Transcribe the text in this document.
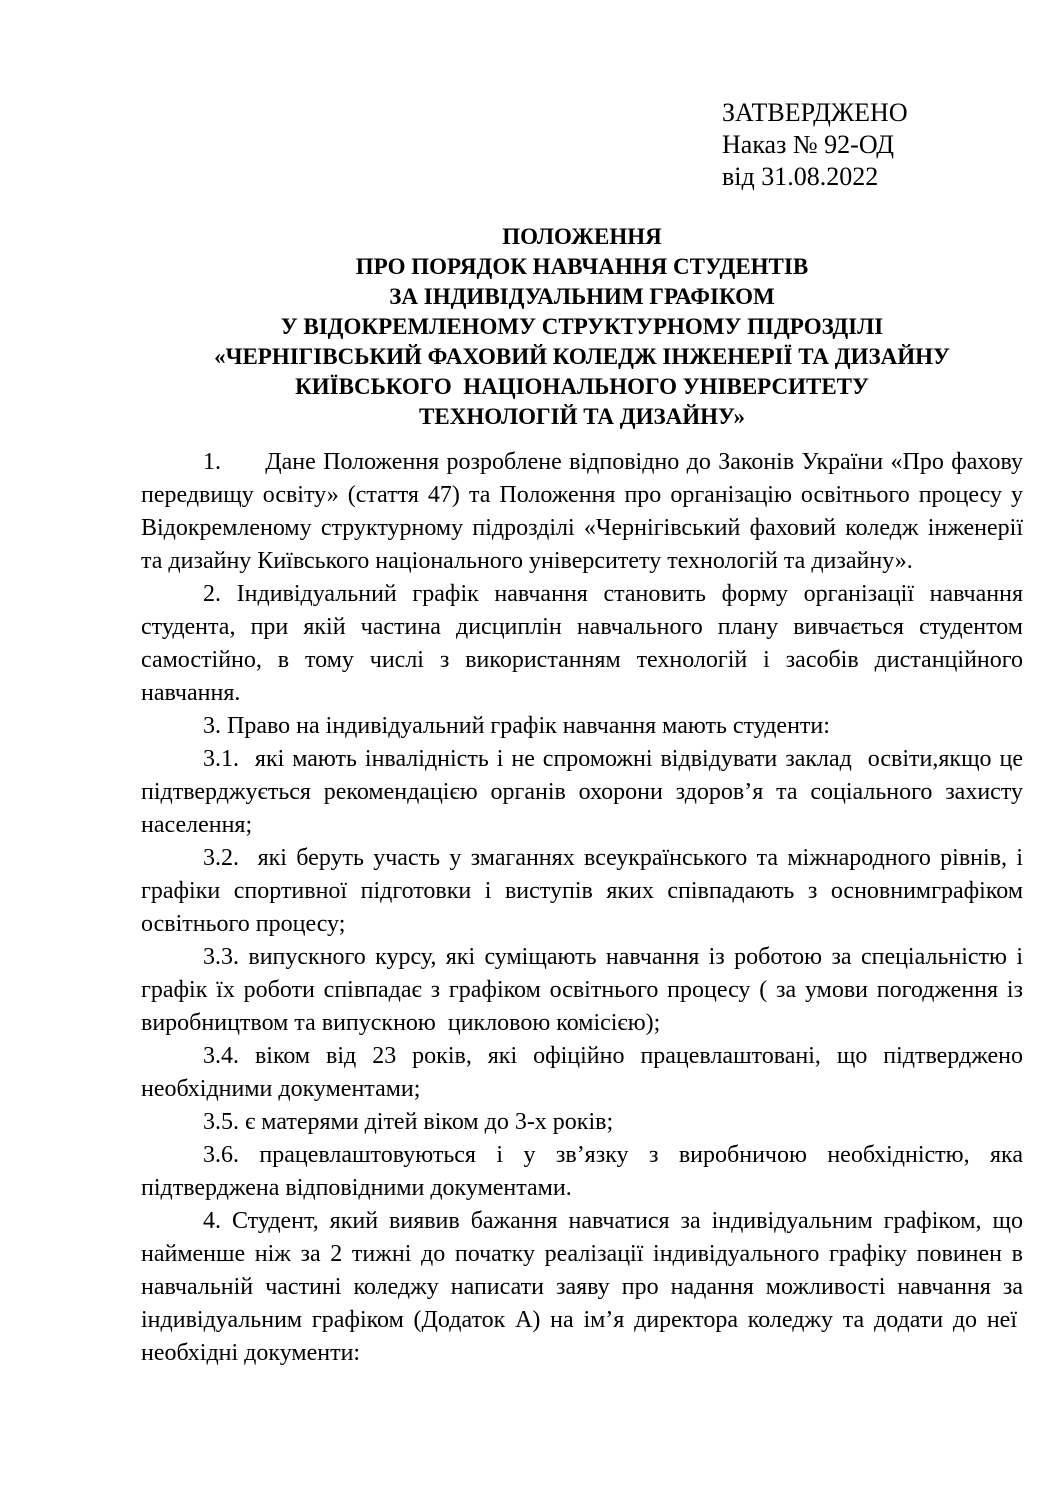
ЗАТВЕРДЖЕНО
Наказ № 92-ОД
від 31.08.2022
ПОЛОЖЕННЯ
ПРО ПОРЯДОК НАВЧАННЯ СТУДЕНТІВ
ЗА ІНДИВІДУАЛЬНИМ ГРАФІКОМ
У ВІДОКРЕМЛЕНОМУ СТРУКТУРНОМУ ПІДРОЗДІЛІ
«ЧЕРНІГІВСЬКИЙ ФАХОВИЙ КОЛЕДЖ ІНЖЕНЕРІЇ ТА ДИЗАЙНУ
КИЇВСЬКОГО  НАЦІОНАЛЬНОГО УНІВЕРСИТЕТУ
ТЕХНОЛОГІЙ ТА ДИЗАЙНУ»

1.      Дане Положення розроблене відповідно до Законів України «Про фахову передвищу освіту» (стаття 47) та Положення про організацію освітнього процесу у Відокремленому структурному підрозділі «Чернігівський фаховий коледж інженерії та дизайну Київського національного університету технологій та дизайну».

2. Індивідуальний графік навчання становить форму організації навчання студента, при якій частина дисциплін навчального плану вивчається студентом самостійно, в тому числі з використанням технологій і засобів дистанційного навчання.

3. Право на індивідуальний графік навчання мають студенти:

3.1.  які мають інвалідність і не спроможні відвідувати заклад  освіти,якщо це підтверджується рекомендацією органів охорони здоров’я та соціального захисту населення;

3.2.  які беруть участь у змаганнях всеукраїнського та міжнародного рівнів, і графіки спортивної підготовки і виступів яких співпадають з основнимграфіком освітнього процесу;

3.3. випускного курсу, які суміщають навчання із роботою за спеціальністю і графік їх роботи співпадає з графіком освітнього процесу ( за умови погодження із виробництвом та випускною  цикловою комісією);

3.4. віком від 23 років, які офіційно працевлаштовані, що підтверджено необхідними документами;

3.5. є матерями дітей віком до 3-х років;

3.6. працевлаштовуються і у зв’язку з виробничою необхідністю, яка підтверджена відповідними документами.

4. Студент, який виявив бажання навчатися за індивідуальним графіком, що найменше ніж за 2 тижні до початку реалізації індивідуального графіку повинен в навчальній частині коледжу написати заяву про надання можливості навчання за індивідуальним графіком (Додаток А) на ім’я директора коледжу та додати до неї  необхідні документи:
